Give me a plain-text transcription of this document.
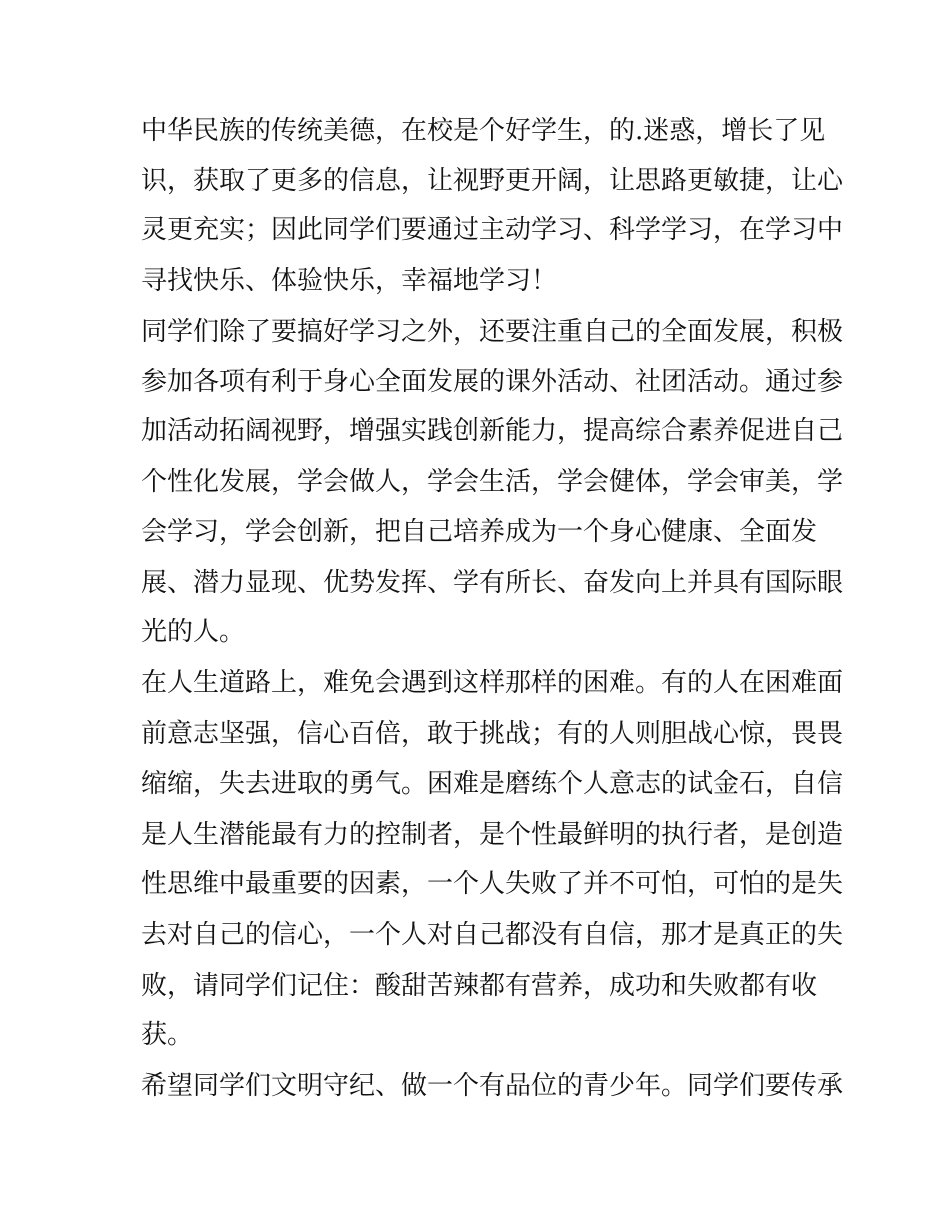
中华民族的传统美德，在校是个好学生，的.迷惑，增长了见
识，获取了更多的信息，让视野更开阔，让思路更敏捷，让心
灵更充实；因此同学们要通过主动学习、科学学习，在学习中
寻找快乐、体验快乐，幸福地学习！
同学们除了要搞好学习之外，还要注重自己的全面发展，积极
参加各项有利于身心全面发展的课外活动、社团活动。通过参
加活动拓阔视野，增强实践创新能力，提高综合素养促进自己
个性化发展，学会做人，学会生活，学会健体，学会审美，学
会学习，学会创新，把自己培养成为一个身心健康、全面发
展、潜力显现、优势发挥、学有所长、奋发向上并具有国际眼
光的人。
在人生道路上，难免会遇到这样那样的困难。有的人在困难面
前意志坚强，信心百倍，敢于挑战；有的人则胆战心惊，畏畏
缩缩，失去进取的勇气。困难是磨练个人意志的试金石，自信
是人生潜能最有力的控制者，是个性最鲜明的执行者，是创造
性思维中最重要的因素，一个人失败了并不可怕，可怕的是失
去对自己的信心，一个人对自己都没有自信，那才是真正的失
败，请同学们记住：酸甜苦辣都有营养，成功和失败都有收
获。
希望同学们文明守纪、做一个有品位的青少年。同学们要传承
